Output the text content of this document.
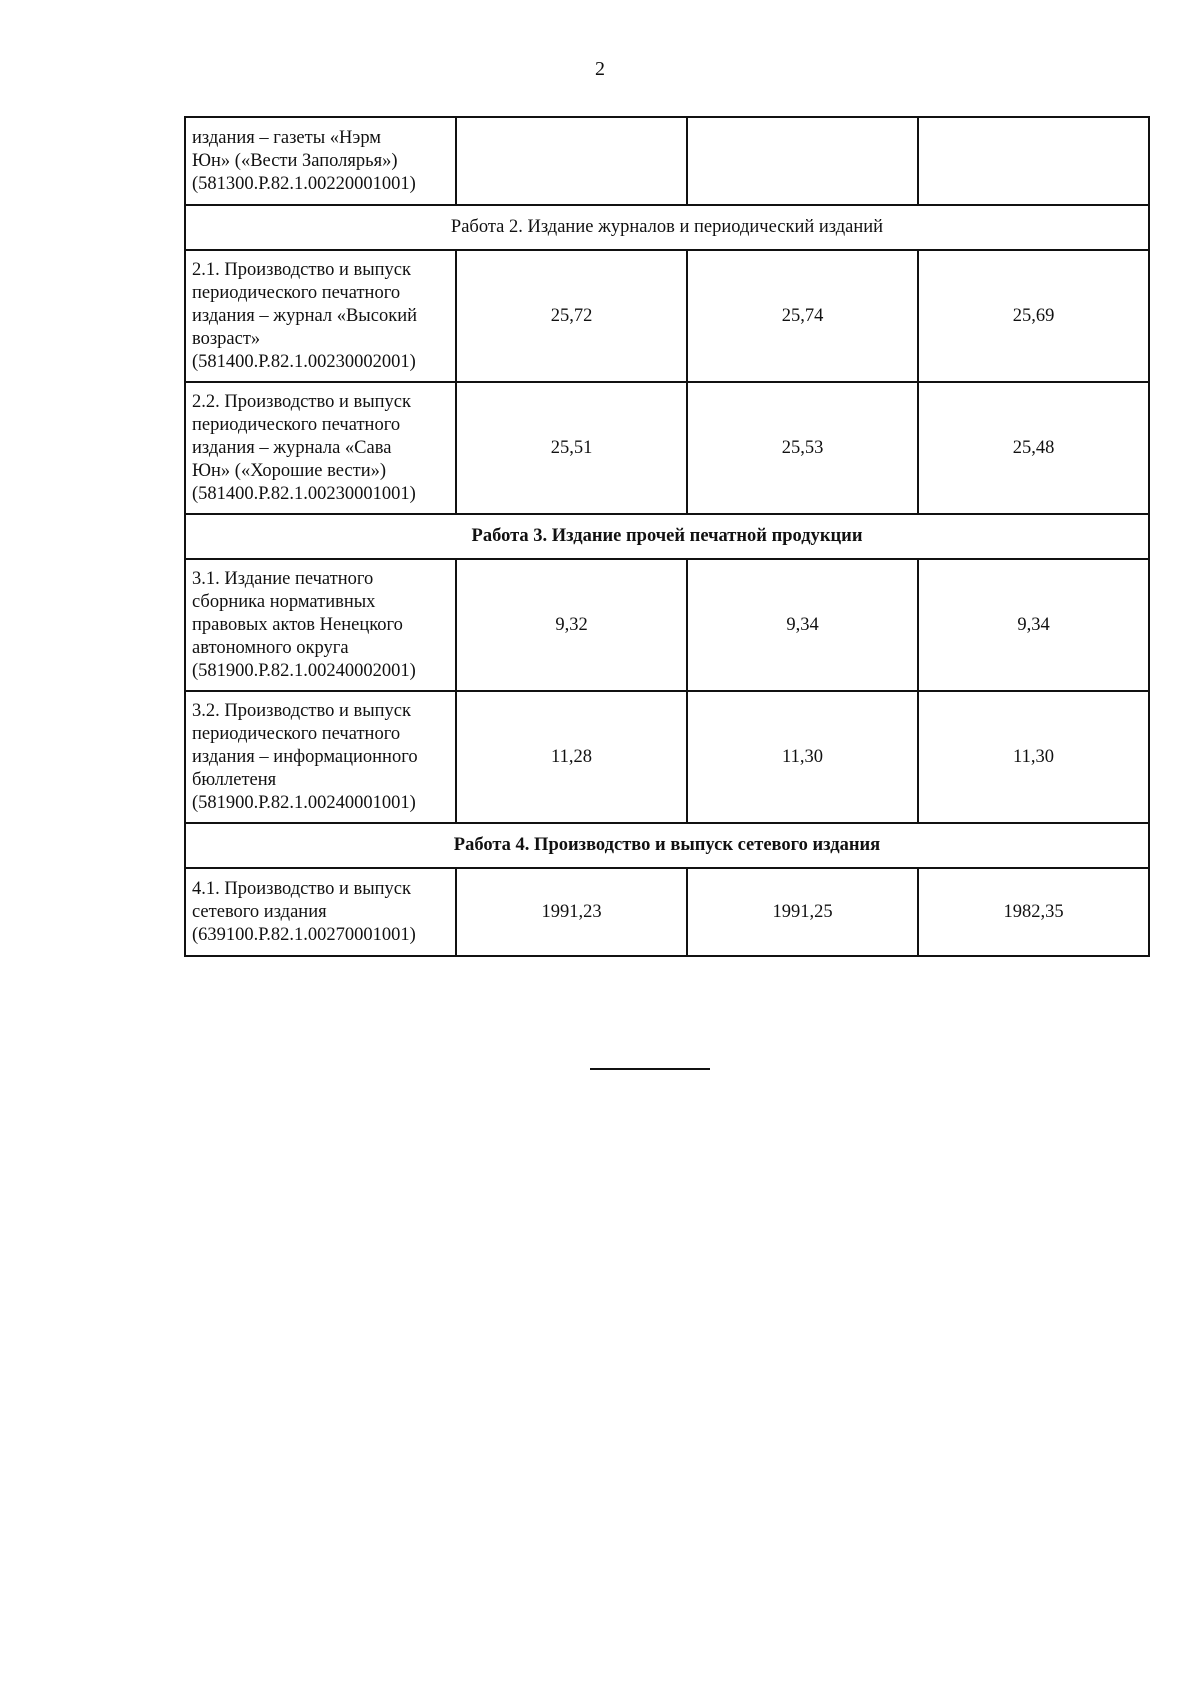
2
издания – газеты «Нэрм
Юн» («Вести Заполярья»)
(581300.Р.82.1.00220001001)			

Работа 2. Издание журналов и периодический изданий			

2.1. Производство и выпуск
периодического печатного
издания – журнал «Высокий
возраст»
(581400.Р.82.1.00230002001)	25,72	25,74	25,69

2.2. Производство и выпуск
периодического печатного
издания – журнала «Сава
Юн» («Хорошие вести»)
(581400.Р.82.1.00230001001)	25,51	25,53	25,48
Работа 3. Издание прочей печатной продукции			

3.1. Издание печатного
сборника нормативных
правовых актов Ненецкого
автономного округа
(581900.Р.82.1.00240002001)	9,32	9,34	9,34

3.2. Производство и выпуск
периодического печатного
издания – информационного
бюллетеня
(581900.Р.82.1.00240001001)	11,28	11,30	11,30
Работа 4. Производство и выпуск сетевого издания			

4.1. Производство и выпуск
сетевого издания
(639100.Р.82.1.00270001001)	1991,23	1991,25	1982,35
